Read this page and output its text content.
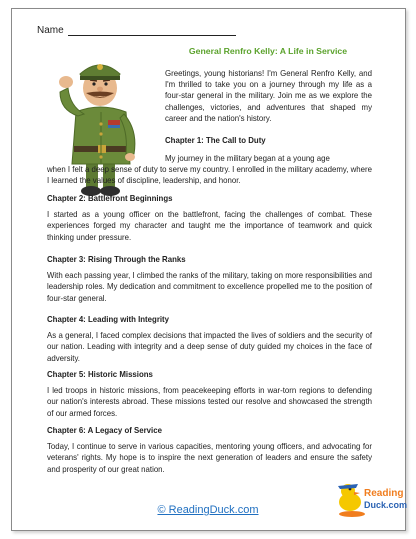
Name
General Renfro Kelly: A Life in Service
Greetings, young historians! I'm General Renfro Kelly, and I'm thrilled to take you on a journey through my life as a four-star general in the military. Join me as we explore the challenges, victories, and adventures that shaped my career and the nation's history.
Chapter 1: The Call to Duty
My journey in the military began at a young age
when I felt a deep sense of duty to serve my country. I enrolled in the military academy, where I learned the values of discipline, leadership, and honor.
Chapter 2: Battlefront Beginnings
I started as a young officer on the battlefront, facing the challenges of combat. These experiences forged my character and taught me the importance of teamwork and quick thinking under pressure.
Chapter 3: Rising Through the Ranks
With each passing year, I climbed the ranks of the military, taking on more responsibilities and leadership roles. My dedication and commitment to excellence propelled me to the position of four-star general.
Chapter 4: Leading with Integrity
As a general, I faced complex decisions that impacted the lives of soldiers and the security of our nation. Leading with integrity and a deep sense of duty guided my choices in the face of adversity.
Chapter 5: Historic Missions
I led troops in historic missions, from peacekeeping efforts in war-torn regions to defending our nation's interests abroad. These missions tested our resolve and showcased the strength of our armed forces.
Chapter 6: A Legacy of Service
Today, I continue to serve in various capacities, mentoring young officers, and advocating for veterans' rights. My hope is to inspire the next generation of leaders and ensure the safety and prosperity of our great nation.
© ReadingDuck.com
Reading
Duck.com
